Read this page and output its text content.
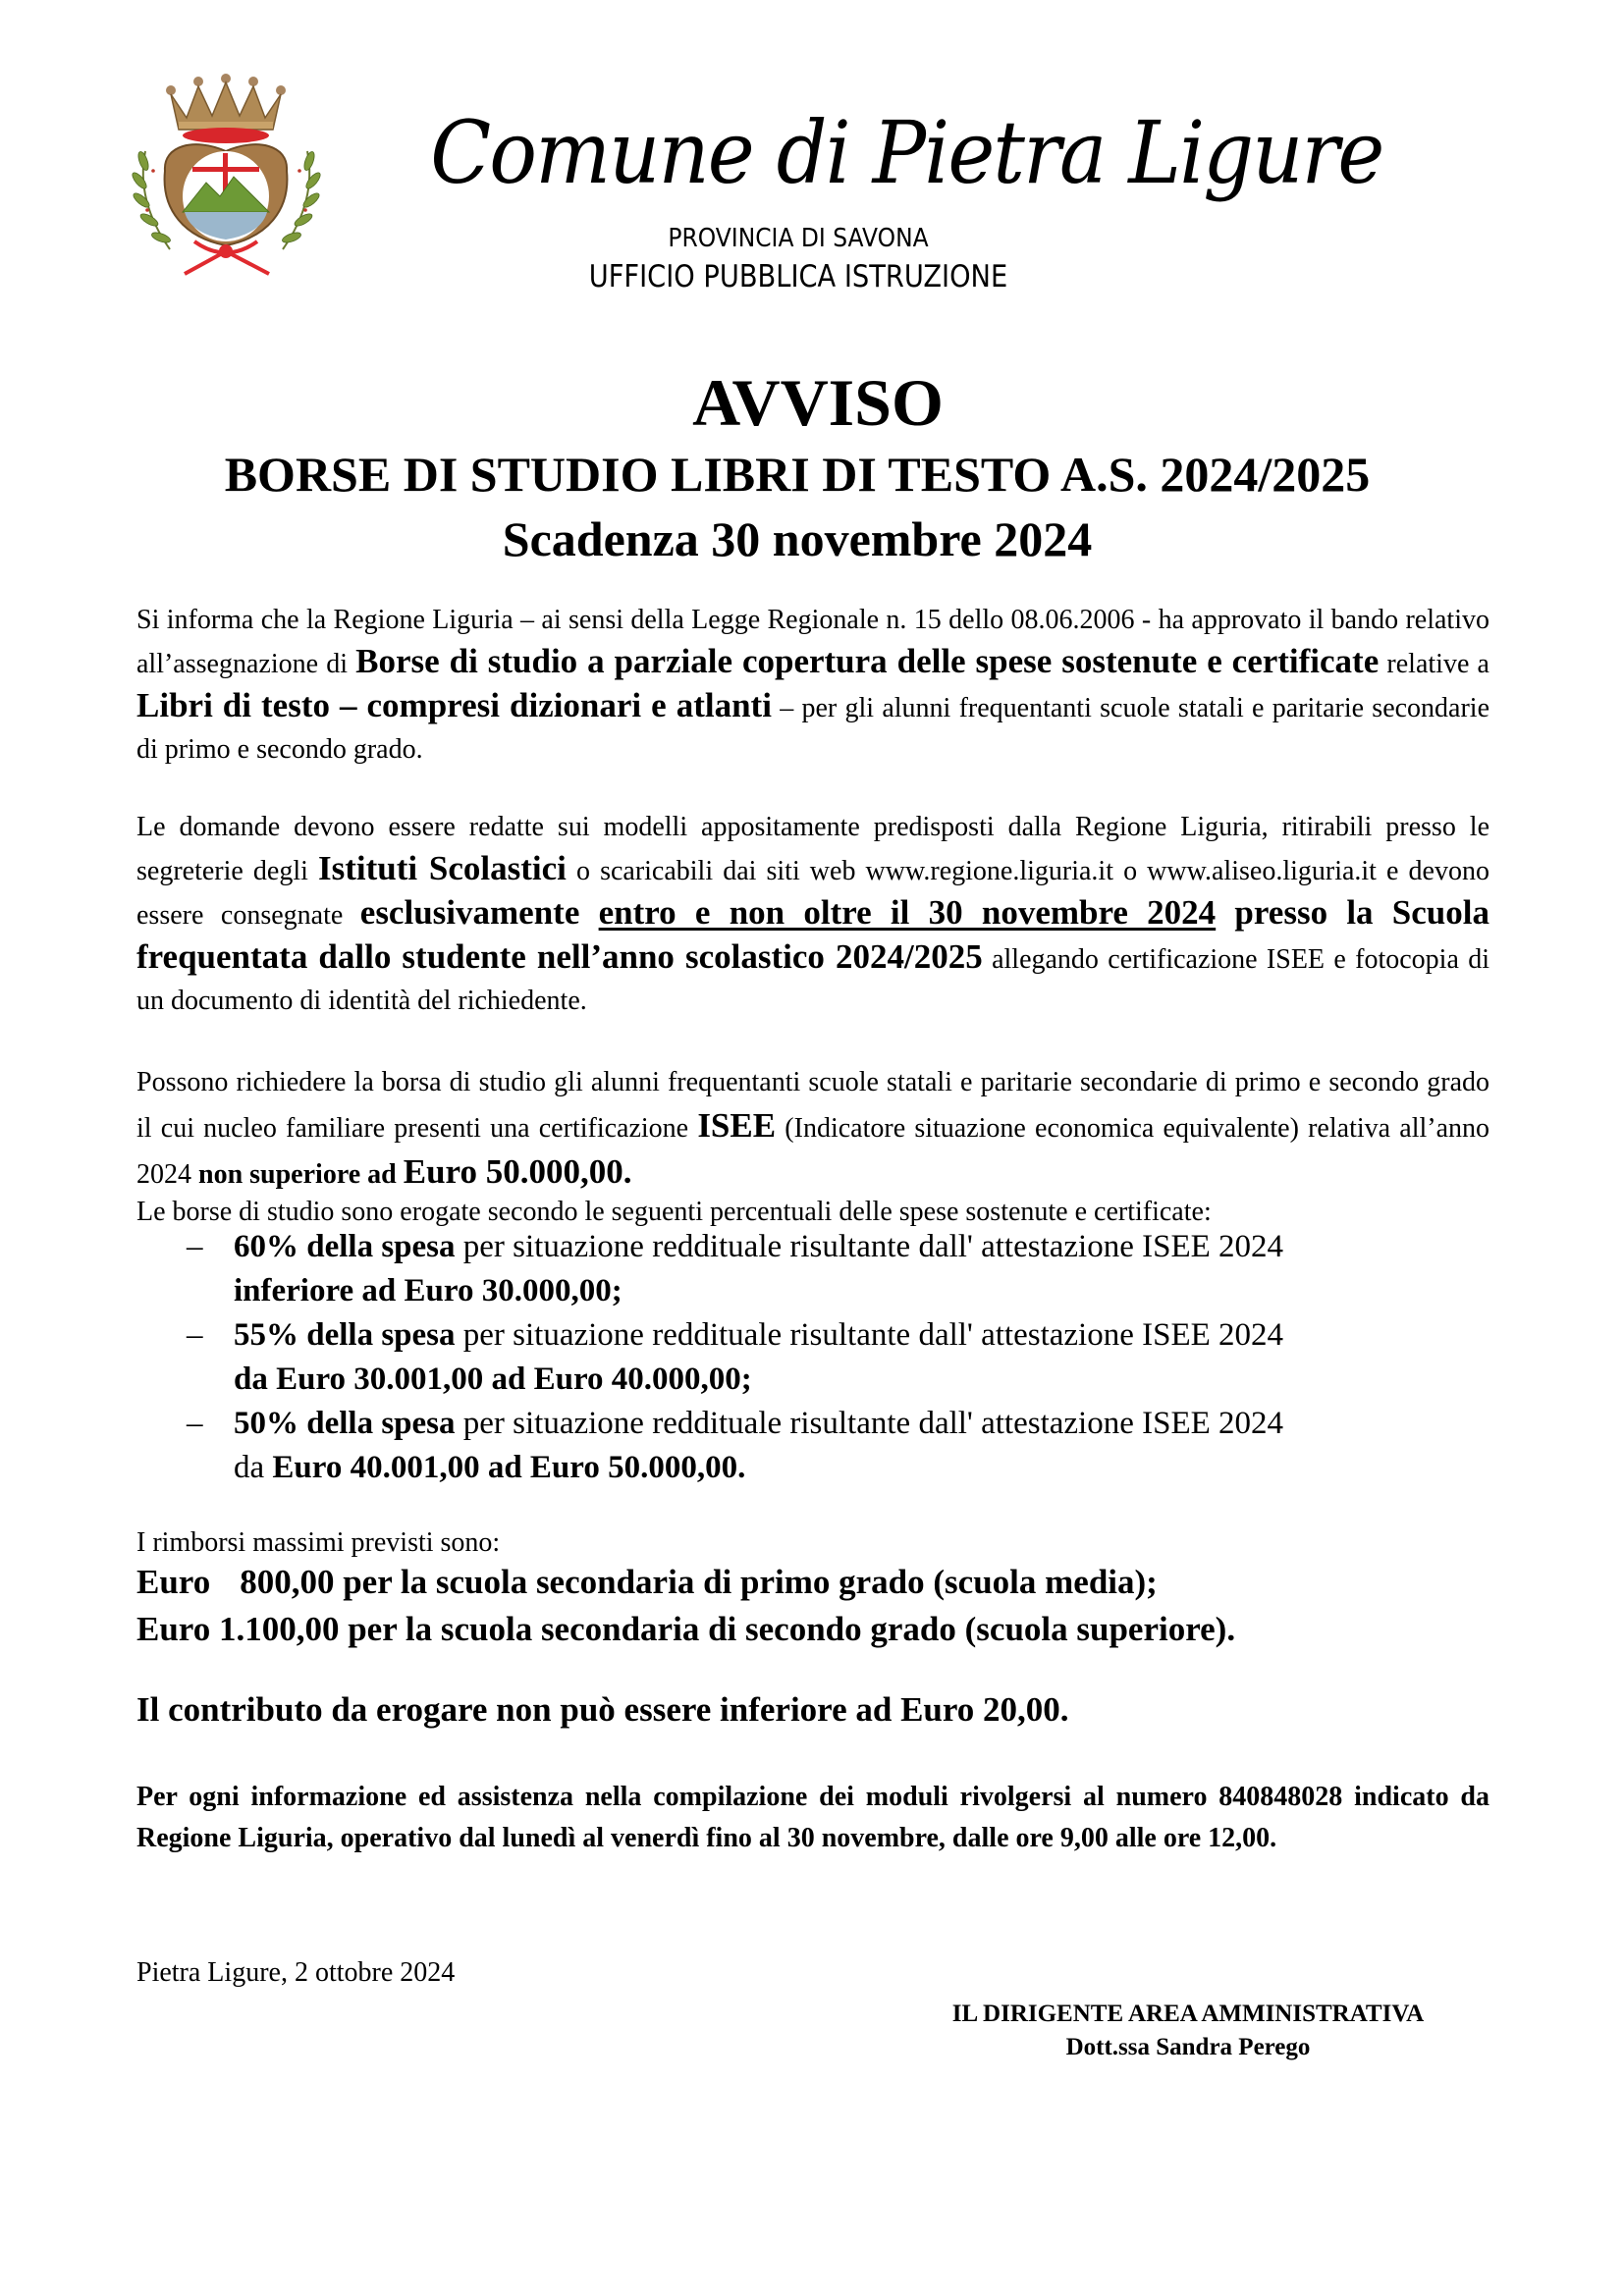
Comune di Pietra Ligure
PROVINCIA DI SAVONA
UFFICIO PUBBLICA ISTRUZIONE
AVVISO
BORSE DI STUDIO LIBRI DI TESTO A.S. 2024/2025
Scadenza 30 novembre 2024
Si informa che la Regione Liguria – ai sensi della Legge Regionale n. 15 dello 08.06.2006 - ha approvato il bando relativo all’assegnazione di Borse di studio a parziale copertura delle spese sostenute e certificate relative a Libri di testo – compresi dizionari e atlanti – per gli alunni frequentanti scuole statali e paritarie secondarie di primo e secondo grado.
Le domande devono essere redatte sui modelli appositamente predisposti dalla Regione Liguria, ritirabili presso le segreterie degli Istituti Scolastici o scaricabili dai siti web www.regione.liguria.it o www.aliseo.liguria.it e devono essere consegnate esclusivamente entro e non oltre il 30 novembre 2024 presso la Scuola frequentata dallo studente nell’anno scolastico 2024/2025 allegando certificazione ISEE e fotocopia di un documento di identità del richiedente.
Possono richiedere la borsa di studio gli alunni frequentanti scuole statali e paritarie secondarie di primo e secondo grado il cui nucleo familiare presenti una certificazione ISEE (Indicatore situazione economica equivalente) relativa all’anno 2024 non superiore ad Euro 50.000,00.
Le borse di studio sono erogate secondo le seguenti percentuali delle spese sostenute e certificate:
– 60% della spesa per situazione reddituale risultante dall' attestazione ISEE 2024
inferiore ad Euro 30.000,00;
– 55% della spesa per situazione reddituale risultante dall' attestazione ISEE 2024
da Euro 30.001,00 ad Euro 40.000,00;
– 50% della spesa per situazione reddituale risultante dall' attestazione ISEE 2024
da Euro 40.001,00 ad Euro 50.000,00.
I rimborsi massimi previsti sono:
Euro 800,00 per la scuola secondaria di primo grado (scuola media);
Euro 1.100,00 per la scuola secondaria di secondo grado (scuola superiore).
Il contributo da erogare non può essere inferiore ad Euro 20,00.
Per ogni informazione ed assistenza nella compilazione dei moduli rivolgersi al numero 840848028 indicato da Regione Liguria, operativo dal lunedì al venerdì fino al 30 novembre, dalle ore 9,00 alle ore 12,00.
Pietra Ligure, 2 ottobre 2024
IL DIRIGENTE AREA AMMINISTRATIVA
Dott.ssa Sandra Perego
